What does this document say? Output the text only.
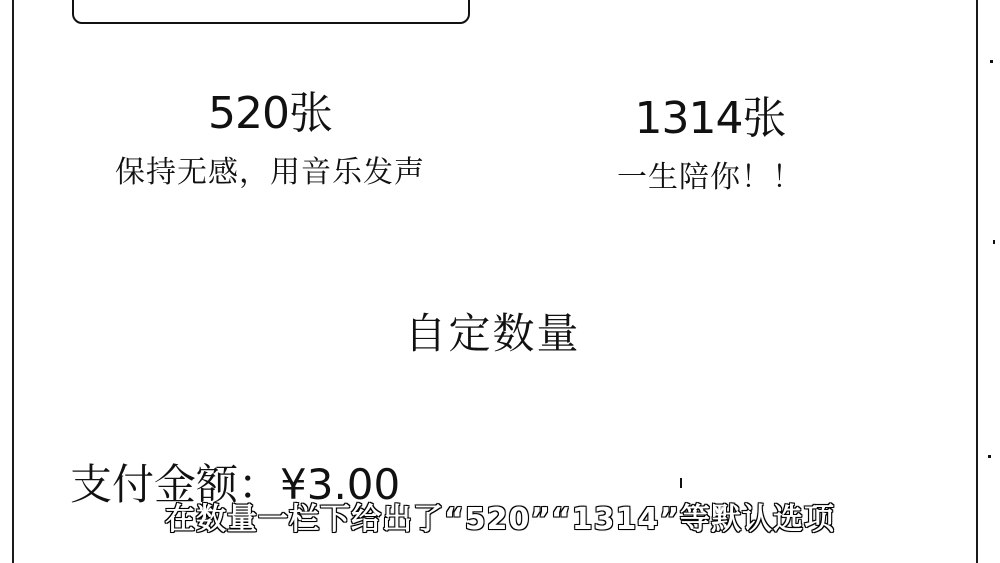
520张
保持无感，用音乐发声
1314张
一生陪你！！
自定数量
支付金额：¥3.00
在数量一栏下给出了“520”“1314”等默认选项
